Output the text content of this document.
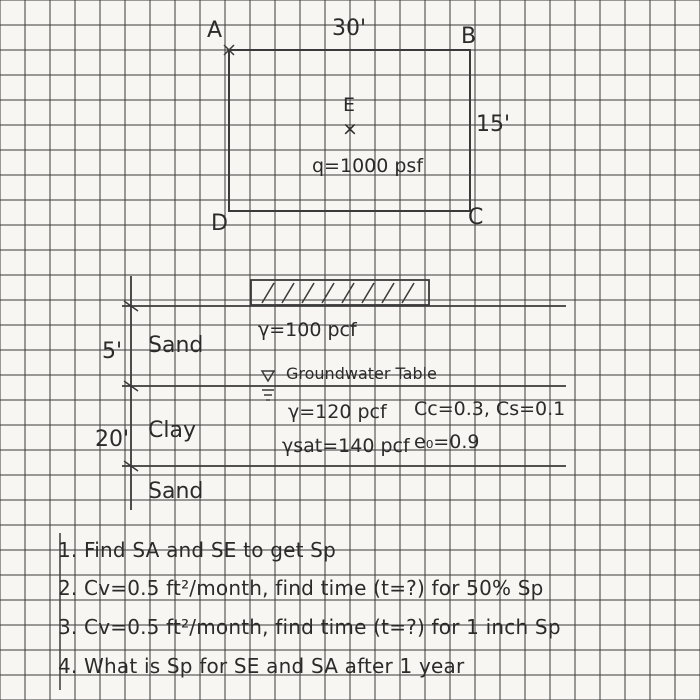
A	30'	B
15'
E
×
q=1000 psf
D	C
5' Sand
γ=100 pcf
Groundwater Table
20' Clay
γ=120 pcf Cc=0.3, Cs=0.1
γsat=140 pcf e₀=0.9
Sand
1. Find SA and SE to get Sp
2. Cv=0.5 ft²/month, find time (t=?) for 50% Sp
3. Cv=0.5 ft²/month, find time (t=?) for 1 inch Sp
4. What is Sp for SE and SA after 1 year
